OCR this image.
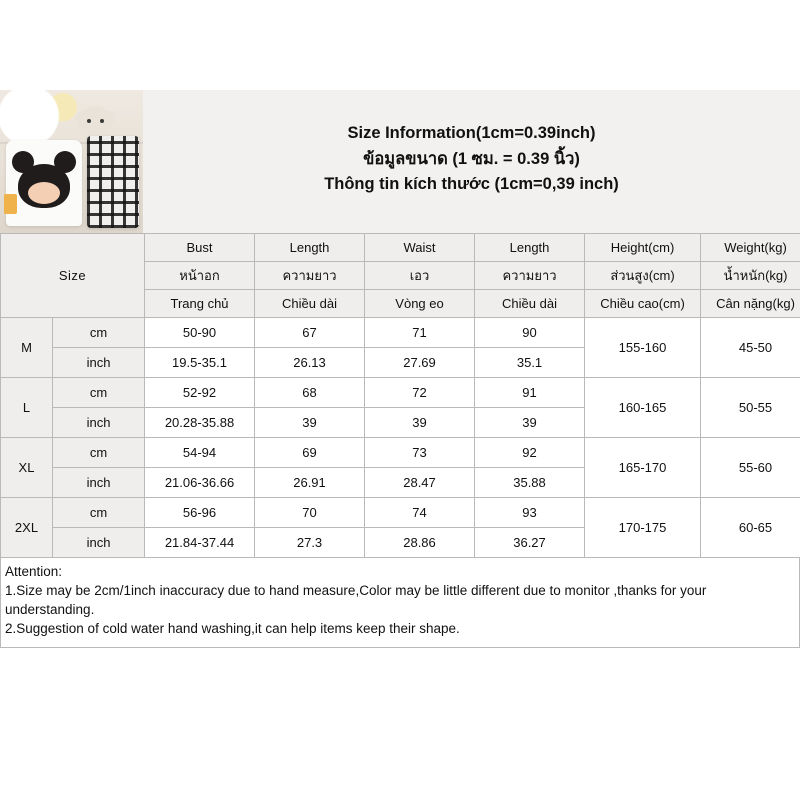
Size Information(1cm=0.39inch)
ข้อมูลขนาด (1 ซม. = 0.39 นิ้ว)
Thông tin kích thước (1cm=0,39 inch)
Size		Bust	Length	Waist	Length	Height(cm)	Weight(kg)
		หน้าอก	ความยาว	เอว	ความยาว	ส่วนสูง(cm)	น้ำหนัก(kg)
		Trang chủ	Chiều dài	Vòng eo	Chiều dài	Chiều cao(cm)	Cân nặng(kg)
M	cm	50-90	67	71	90	155-160	45-50
	inch	19.5-35.1	26.13	27.69	35.1		
L	cm	52-92	68	72	91	160-165	50-55
	inch	20.28-35.88	39	39	39		
XL	cm	54-94	69	73	92	165-170	55-60
	inch	21.06-36.66	26.91	28.47	35.88		
2XL	cm	56-96	70	74	93	170-175	60-65
	inch	21.84-37.44	27.3	28.86	36.27		
Attention:
1.Size may be 2cm/1inch inaccuracy due to hand measure,Color may be little different due to monitor ,thanks for your
understanding.
2.Suggestion of cold water hand washing,it can help items keep their shape.
